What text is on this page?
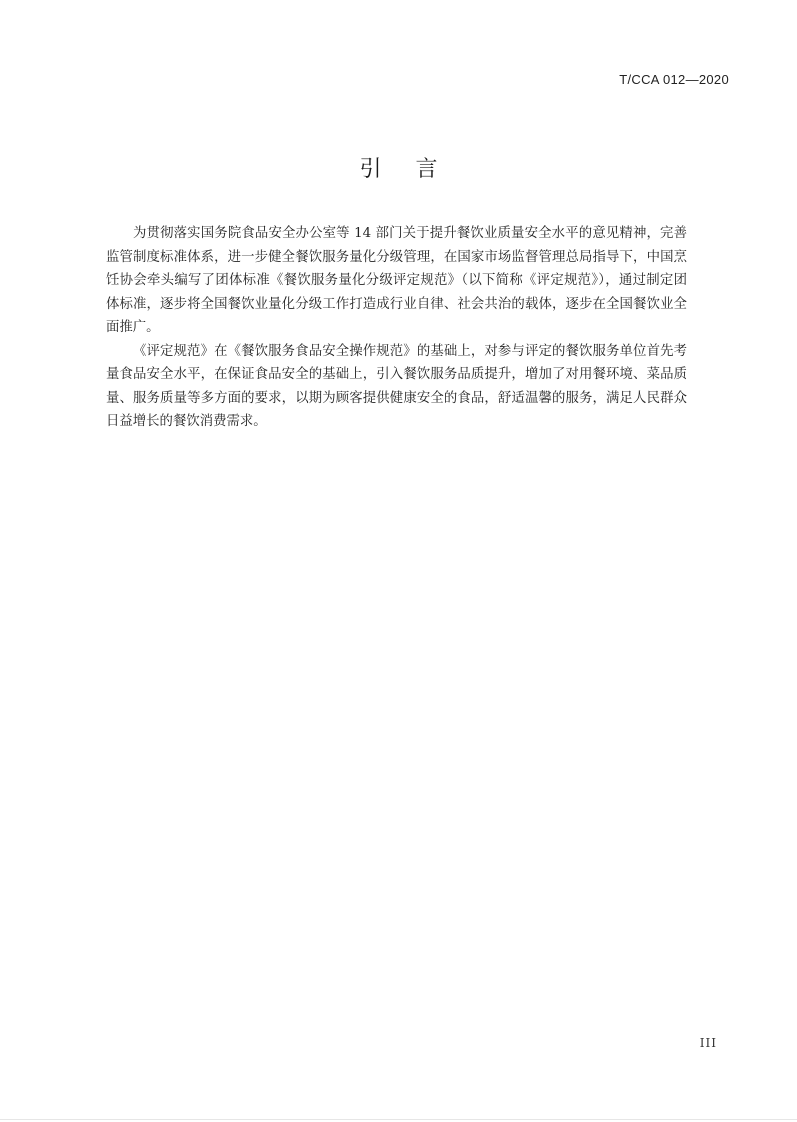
T/CCA 012—2020
引言

为贯彻落实国务院食品安全办公室等 14 部门关于提升餐饮业质量安全水平的意见精神，完善监管制度标准体系，进一步健全餐饮服务量化分级管理，在国家市场监督管理总局指导下，中国烹饪协会牵头编写了团体标准《餐饮服务量化分级评定规范》（以下简称《评定规范》），通过制定团体标准，逐步将全国餐饮业量化分级工作打造成行业自律、社会共治的载体，逐步在全国餐饮业全面推广。

《评定规范》在《餐饮服务食品安全操作规范》的基础上，对参与评定的餐饮服务单位首先考量食品安全水平，在保证食品安全的基础上，引入餐饮服务品质提升，增加了对用餐环境、菜品质量、服务质量等多方面的要求，以期为顾客提供健康安全的食品，舒适温馨的服务，满足人民群众日益增长的餐饮消费需求。

III
